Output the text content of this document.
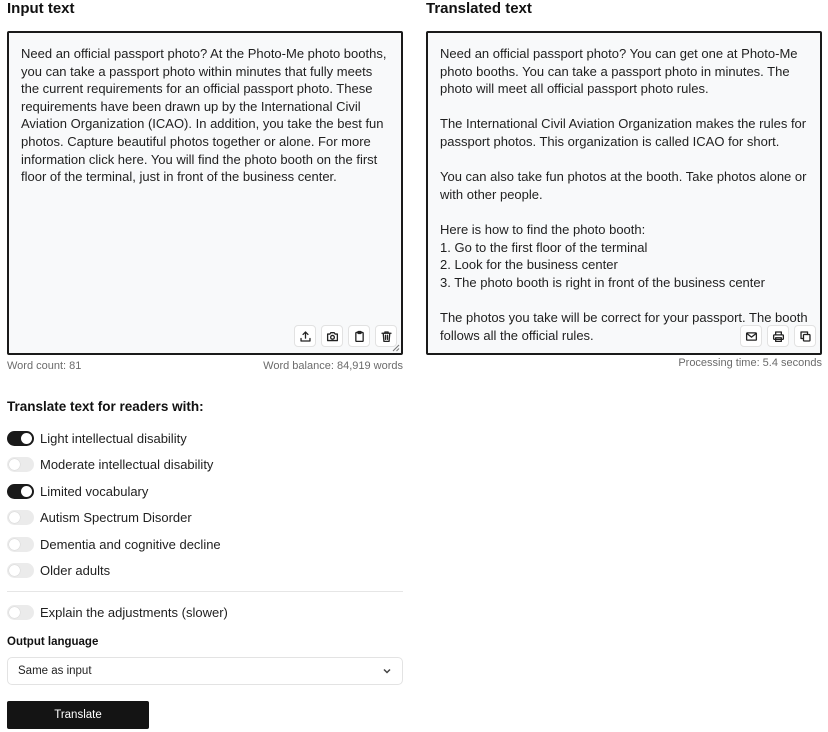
Input text
Need an official passport photo? At the Photo-Me photo booths, you can take a passport photo within minutes that fully meets the current requirements for an official passport photo. These requirements have been drawn up by the International Civil Aviation Organization (ICAO). In addition, you take the best fun photos. Capture beautiful photos together or alone. For more information click here. You will find the photo booth on the first floor of the terminal, just in front of the business center.
Word count: 81	Word balance: 84,919 words
Translated text
Need an official passport photo? You can get one at Photo-Me photo booths. You can take a passport photo in minutes. The photo will meet all official passport photo rules.
The International Civil Aviation Organization makes the rules for passport photos. This organization is called ICAO for short.
You can also take fun photos at the booth. Take photos alone or with other people.
Here is how to find the photo booth:
1. Go to the first floor of the terminal
2. Look for the business center
3. The photo booth is right in front of the business center
The photos you take will be correct for your passport. The booth follows all the official rules.
Processing time: 5.4 seconds
Translate text for readers with:
Light intellectual disability
Moderate intellectual disability
Limited vocabulary
Autism Spectrum Disorder
Dementia and cognitive decline
Older adults
Explain the adjustments (slower)
Output language
Same as input
Translate
